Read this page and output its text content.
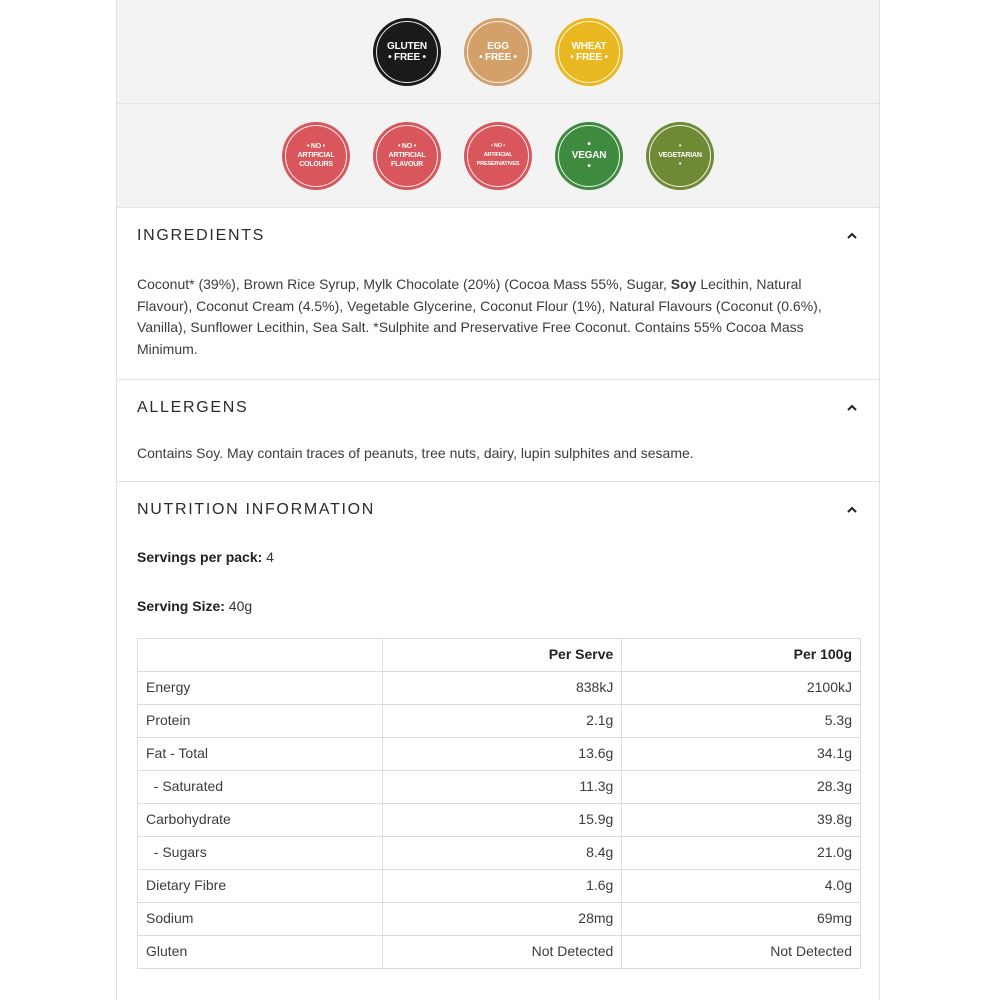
GLUTEN
• FREE •
EGG
• FREE •
WHEAT
• FREE •
• NO •
ARTIFICIAL
COLOURS
• NO •
ARTIFICIAL
FLAVOUR
• NO •
ARTIFICIAL
PRESERVATIVES
•
VEGAN
•
•
VEGETARIAN
•
INGREDIENTS
Coconut* (39%), Brown Rice Syrup, Mylk Chocolate (20%) (Cocoa Mass 55%, Sugar, Soy Lecithin, Natural Flavour), Coconut Cream (4.5%), Vegetable Glycerine, Coconut Flour (1%), Natural Flavours (Coconut (0.6%), Vanilla), Sunflower Lecithin, Sea Salt. *Sulphite and Preservative Free Coconut. Contains 55% Cocoa Mass Minimum.
ALLERGENS
Contains Soy. May contain traces of peanuts, tree nuts, dairy, lupin sulphites and sesame.
NUTRITION INFORMATION

Servings per pack: 4

Serving Size: 40g

	Per Serve	Per 100g
Energy	838kJ	2100kJ
Protein	2.1g	5.3g
Fat - Total	13.6g	34.1g
- Saturated	11.3g	28.3g
Carbohydrate	15.9g	39.8g
- Sugars	8.4g	21.0g
Dietary Fibre	1.6g	4.0g
Sodium	28mg	69mg
Gluten	Not Detected	Not Detected
